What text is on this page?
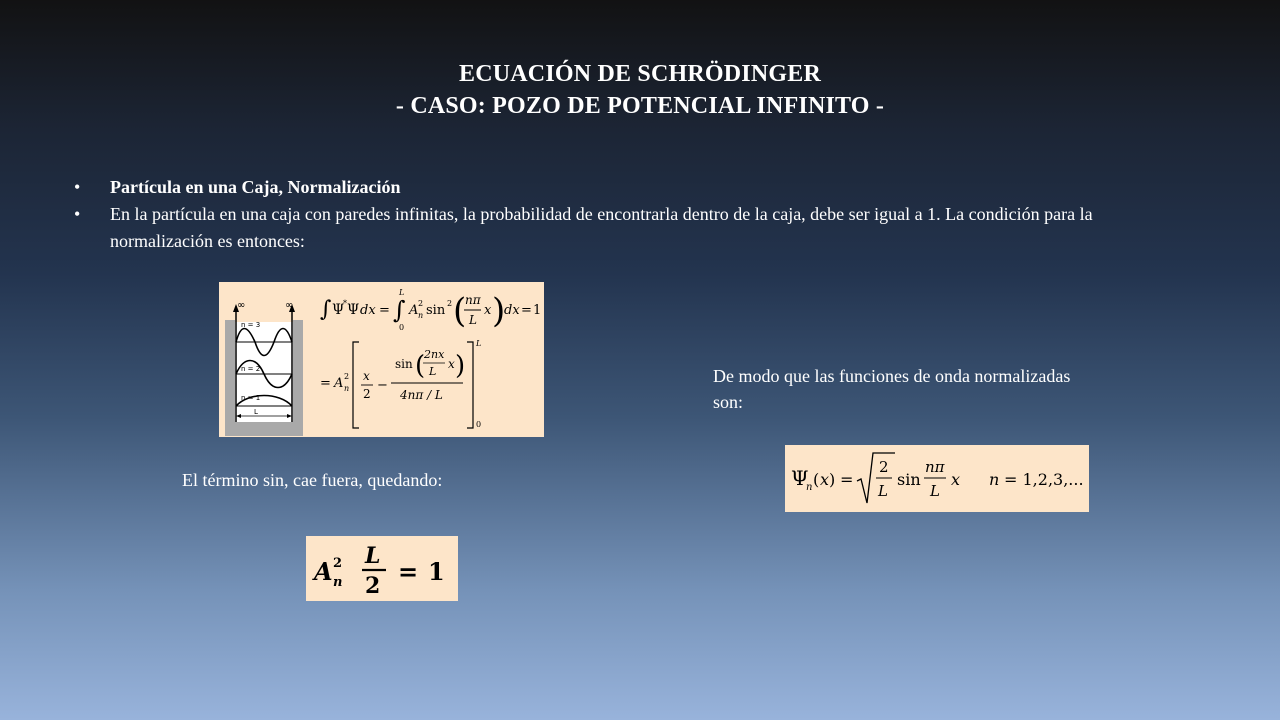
ECUACIÓN DE SCHRÖDINGER
- CASO: POZO DE POTENCIAL INFINITO -
• Partícula en una Caja, Normalización
• En la partícula en una caja con paredes infinitas, la probabilidad de encontrarla dentro de la caja, debe ser igual a 1. La condición para la normalización es entonces:
∞	∞
n = 3
n = 2
n = 1
L
∫ Ψ
* Ψ dx = ∫
L
0
A 2
n sin 2 (
nπ
L
x )
dx = 1
= A 2
n
x
2
−
sin (
2nx
L
x )
4nπ / L
L
0
De modo que las funciones de onda normalizadas son:
Ψ
n ( x ) =
2
L
sin
nπ
L
x n = 1,2,3,...
El término sin, cae fuera, quedando:
A 2
n
L
2 = 1
